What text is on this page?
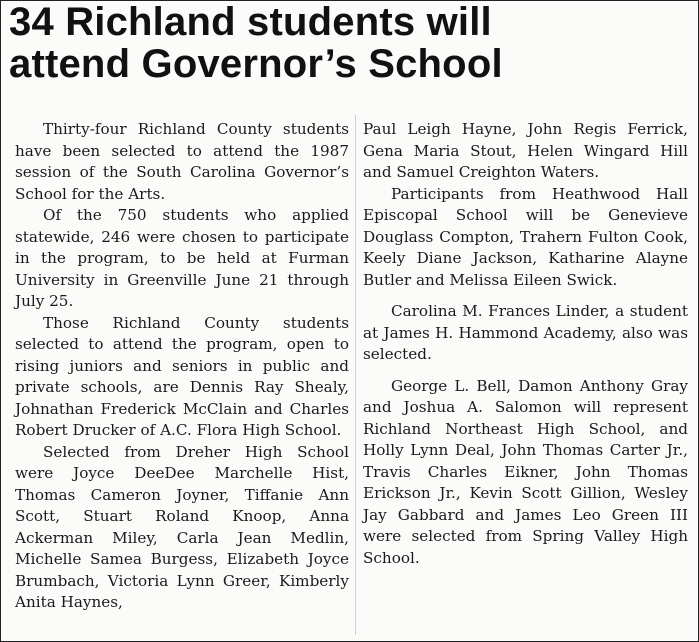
34 Richland students will
attend Governor’s School

Thirty-four Richland County students have been selected to attend the 1987 session of the South Carolina Governor’s School for the Arts.

Of the 750 students who applied statewide, 246 were chosen to participate in the program, to be held at Furman University in Greenville June 21 through July 25.

Those Richland County students selected to attend the program, open to rising juniors and seniors in public and private schools, are Dennis Ray Shealy, Johnathan Frederick McClain and Charles Robert Drucker of A.C. Flora High School.

Selected from Dreher High School were Joyce DeeDee Marchelle Hist, Thomas Cameron Joyner, Tiffanie Ann Scott, Stuart Roland Knoop, Anna Ackerman Miley, Carla Jean Medlin, Michelle Samea Burgess, Elizabeth Joyce Brumbach, Victoria Lynn Greer, Kimberly Anita Haynes,

Paul Leigh Hayne, John Regis Ferrick, Gena Maria Stout, Helen Wingard Hill and Samuel Creighton Waters.

Participants from Heathwood Hall Episcopal School will be Genevieve Douglass Compton, Trahern Fulton Cook, Keely Diane Jackson, Katharine Alayne Butler and Melissa Eileen Swick.

Carolina M. Frances Linder, a student at James H. Hammond Academy, also was selected.

George L. Bell, Damon Anthony Gray and Joshua A. Salomon will represent Richland Northeast High School, and Holly Lynn Deal, John Thomas Carter Jr., Travis Charles Eikner, John Thomas Erickson Jr., Kevin Scott Gillion, Wesley Jay Gabbard and James Leo Green III were selected from Spring Valley High School.
